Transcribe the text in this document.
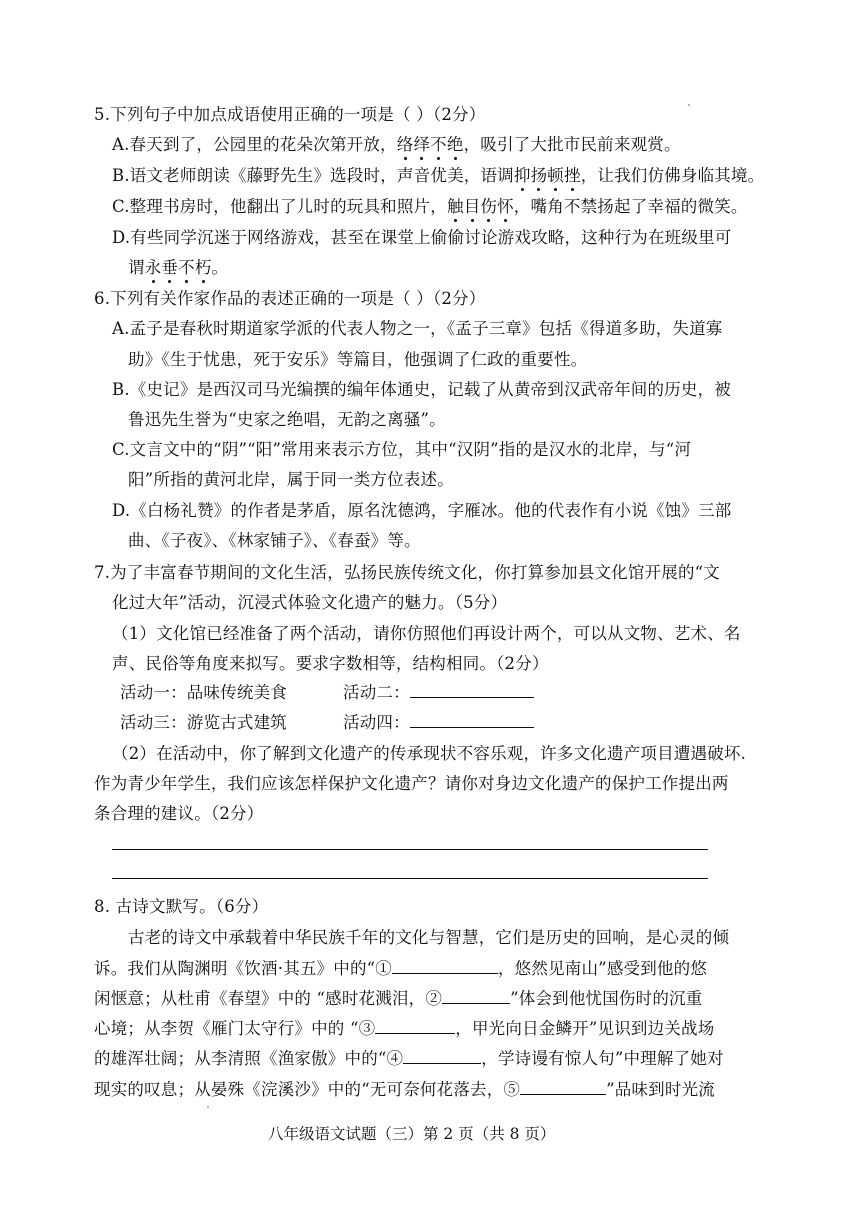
5.下列句子中加点成语使用正确的一项是（ ）（2分）
A.春天到了，公园里的花朵次第开放，络绎不绝，吸引了大批市民前来观赏。
B.语文老师朗读《藤野先生》选段时，声音优美，语调抑扬顿挫，让我们仿佛身临其境。
C.整理书房时，他翻出了儿时的玩具和照片，触目伤怀，嘴角不禁扬起了幸福的微笑。
D.有些同学沉迷于网络游戏，甚至在课堂上偷偷讨论游戏攻略，这种行为在班级里可
谓永垂不朽。
6.下列有关作家作品的表述正确的一项是（ ）（2分）
A.孟子是春秋时期道家学派的代表人物之一，《孟子三章》包括《得道多助，失道寡
助》《生于忧患，死于安乐》等篇目，他强调了仁政的重要性。
B.《史记》是西汉司马光编撰的编年体通史，记载了从黄帝到汉武帝年间的历史，被
鲁迅先生誉为“史家之绝唱，无韵之离骚”。
C.文言文中的“阴”“阳”常用来表示方位，其中“汉阴”指的是汉水的北岸，与“河
阳”所指的黄河北岸，属于同一类方位表述。
D.《白杨礼赞》的作者是茅盾，原名沈德鸿，字雁冰。他的代表作有小说《蚀》三部
曲、《子夜》、《林家铺子》、《春蚕》等。
7.为了丰富春节期间的文化生活，弘扬民族传统文化，你打算参加县文化馆开展的“文
化过大年”活动，沉浸式体验文化遗产的魅力。（5分）
（1）文化馆已经准备了两个活动，请你仿照他们再设计两个，可以从文物、艺术、名
声、民俗等角度来拟写。要求字数相等，结构相同。（2分）
活动一：品味传统美食	活动二：
活动三：游览古式建筑	活动四：
（2）在活动中，你了解到文化遗产的传承现状不容乐观，许多文化遗产项目遭遇破坏.
作为青少年学生，我们应该怎样保护文化遗产？请你对身边文化遗产的保护工作提出两
条合理的建议。（2分）
8. 古诗文默写。（6分）
古老的诗文中承载着中华民族千年的文化与智慧，它们是历史的回响，是心灵的倾
诉。我们从陶渊明《饮酒·其五》中的“①	，悠然见南山”感受到他的悠
闲惬意；从杜甫《春望》中的 “感时花溅泪，②	”体会到他忧国伤时的沉重
心境；从李贺《雁门太守行》中的 “③	，甲光向日金鳞开”见识到边关战场
的雄浑壮阔；从李清照《渔家傲》中的“④	，学诗谩有惊人句”中理解了她对
现实的叹息；从晏殊《浣溪沙》中的“无可奈何花落去，⑤	”品味到时光流
八年级语文试题（三）第 2 页（共 8 页）
